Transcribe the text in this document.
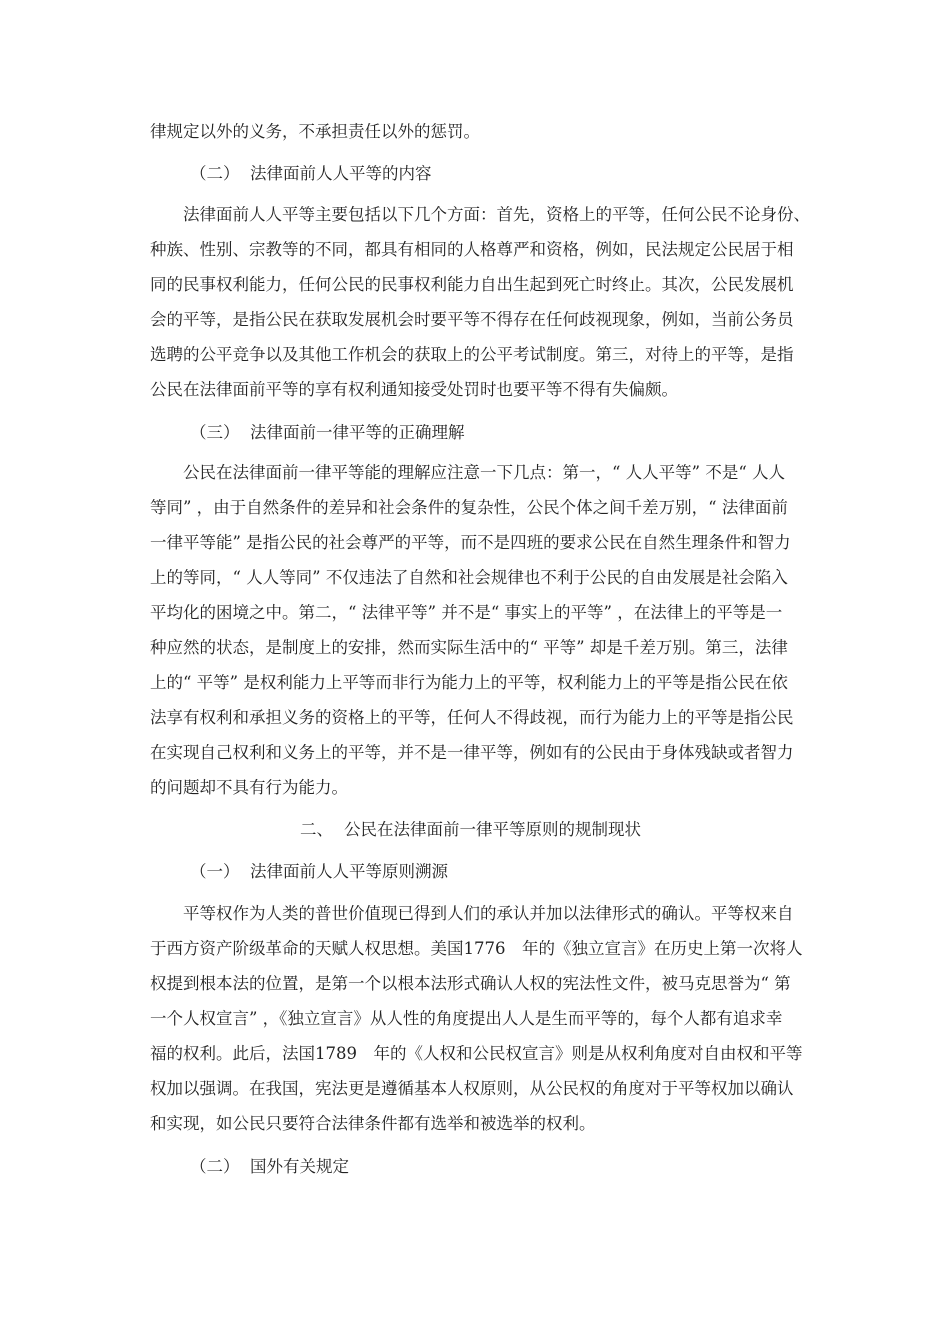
律规定以外的义务，不承担责任以外的惩罚。
（二） 法律面前人人平等的内容
　　法律面前人人平等主要包括以下几个方面：首先，资格上的平等，任何公民不论身份、
种族、性别、宗教等的不同，都具有相同的人格尊严和资格，例如，民法规定公民居于相
同的民事权利能力，任何公民的民事权利能力自出生起到死亡时终止。其次，公民发展机
会的平等，是指公民在获取发展机会时要平等不得存在任何歧视现象，例如，当前公务员
选聘的公平竞争以及其他工作机会的获取上的公平考试制度。第三，对待上的平等，是指
公民在法律面前平等的享有权利通知接受处罚时也要平等不得有失偏颇。
（三） 法律面前一律平等的正确理解
　　公民在法律面前一律平等能的理解应注意一下几点：第一，“ 人人平等” 不是“ 人人
等同” ，由于自然条件的差异和社会条件的复杂性，公民个体之间千差万别，“ 法律面前
一律平等能” 是指公民的社会尊严的平等，而不是四班的要求公民在自然生理条件和智力
上的等同，“ 人人等同” 不仅违法了自然和社会规律也不利于公民的自由发展是社会陷入
平均化的困境之中。第二，“ 法律平等” 并不是“ 事实上的平等” ，在法律上的平等是一
种应然的状态，是制度上的安排，然而实际生活中的“ 平等” 却是千差万别。第三，法律
上的“ 平等” 是权利能力上平等而非行为能力上的平等，权利能力上的平等是指公民在依
法享有权利和承担义务的资格上的平等，任何人不得歧视，而行为能力上的平等是指公民
在实现自己权利和义务上的平等，并不是一律平等，例如有的公民由于身体残缺或者智力
的问题却不具有行为能力。
二、 公民在法律面前一律平等原则的规制现状
（一） 法律面前人人平等原则溯源
　　平等权作为人类的普世价值现已得到人们的承认并加以法律形式的确认。平等权来自
于西方资产阶级革命的天赋人权思想。美国1776　年的《独立宣言》在历史上第一次将人
权提到根本法的位置，是第一个以根本法形式确认人权的宪法性文件，被马克思誉为“ 第
一个人权宣言” ，《独立宣言》从人性的角度提出人人是生而平等的，每个人都有追求幸
福的权利。此后，法国1789　年的《人权和公民权宣言》则是从权利角度对自由权和平等
权加以强调。在我国，宪法更是遵循基本人权原则，从公民权的角度对于平等权加以确认
和实现，如公民只要符合法律条件都有选举和被选举的权利。
（二） 国外有关规定
